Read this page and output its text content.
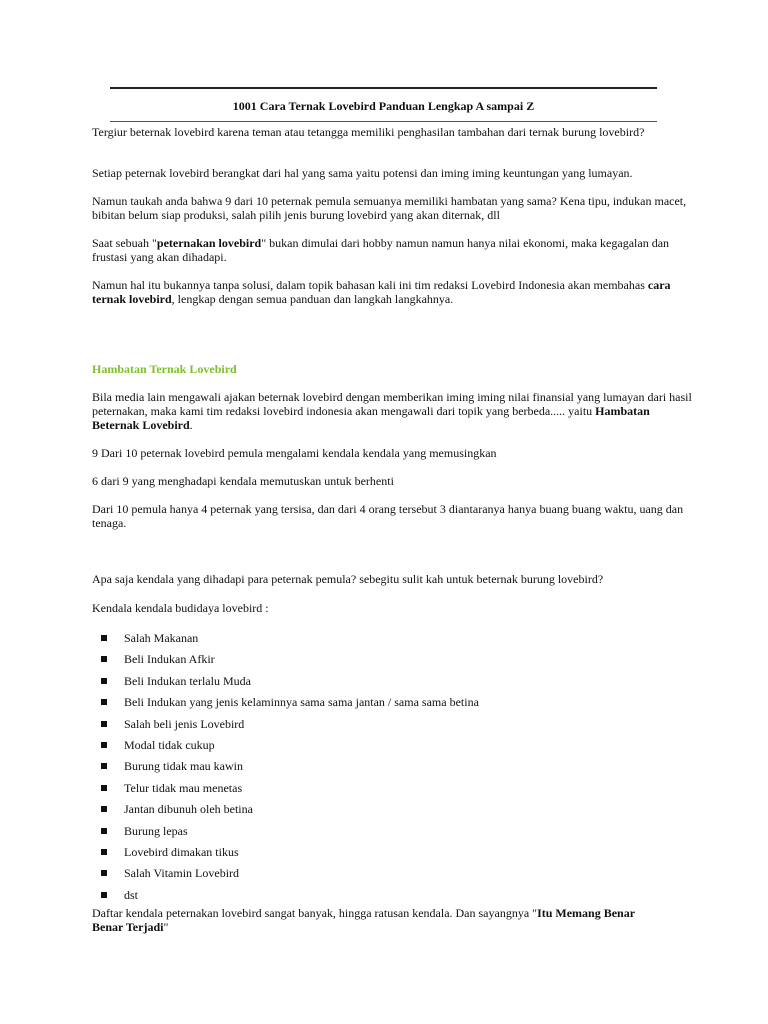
1001 Cara Ternak Lovebird Panduan Lengkap A sampai Z

Tergiur beternak lovebird karena teman atau tetangga memiliki penghasilan tambahan dari ternak burung lovebird?

Setiap peternak lovebird berangkat dari hal yang sama yaitu potensi dan iming iming keuntungan yang lumayan.

Namun taukah anda bahwa 9 dari 10 peternak pemula semuanya memiliki hambatan yang sama? Kena tipu, indukan macet, bibitan belum siap produksi, salah pilih jenis burung lovebird yang akan diternak, dll

Saat sebuah "peternakan lovebird" bukan dimulai dari hobby namun namun hanya nilai ekonomi, maka kegagalan dan frustasi yang akan dihadapi.

Namun hal itu bukannya tanpa solusi, dalam topik bahasan kali ini tim redaksi Lovebird Indonesia akan membahas cara ternak lovebird, lengkap dengan semua panduan dan langkah langkahnya.

Hambatan Ternak Lovebird

Bila media lain mengawali ajakan beternak lovebird dengan memberikan iming iming nilai finansial yang lumayan dari hasil peternakan, maka kami tim redaksi lovebird indonesia akan mengawali dari topik yang berbeda..... yaitu Hambatan Beternak Lovebird.

9 Dari 10 peternak lovebird pemula mengalami kendala kendala yang memusingkan

6 dari 9 yang menghadapi kendala memutuskan untuk berhenti

Dari 10 pemula hanya 4 peternak yang tersisa, dan dari 4 orang tersebut 3 diantaranya hanya buang buang waktu, uang dan tenaga.

Apa saja kendala yang dihadapi para peternak pemula? sebegitu sulit kah untuk beternak burung lovebird?

Kendala kendala budidaya lovebird :

Salah Makanan
Beli Indukan Afkir
Beli Indukan terlalu Muda
Beli Indukan yang jenis kelaminnya sama sama jantan / sama sama betina
Salah beli jenis Lovebird
Modal tidak cukup
Burung tidak mau kawin
Telur tidak mau menetas
Jantan dibunuh oleh betina
Burung lepas
Lovebird dimakan tikus
Salah Vitamin Lovebird
dst

Daftar kendala peternakan lovebird sangat banyak, hingga ratusan kendala. Dan sayangnya "Itu Memang Benar Benar Terjadi"
